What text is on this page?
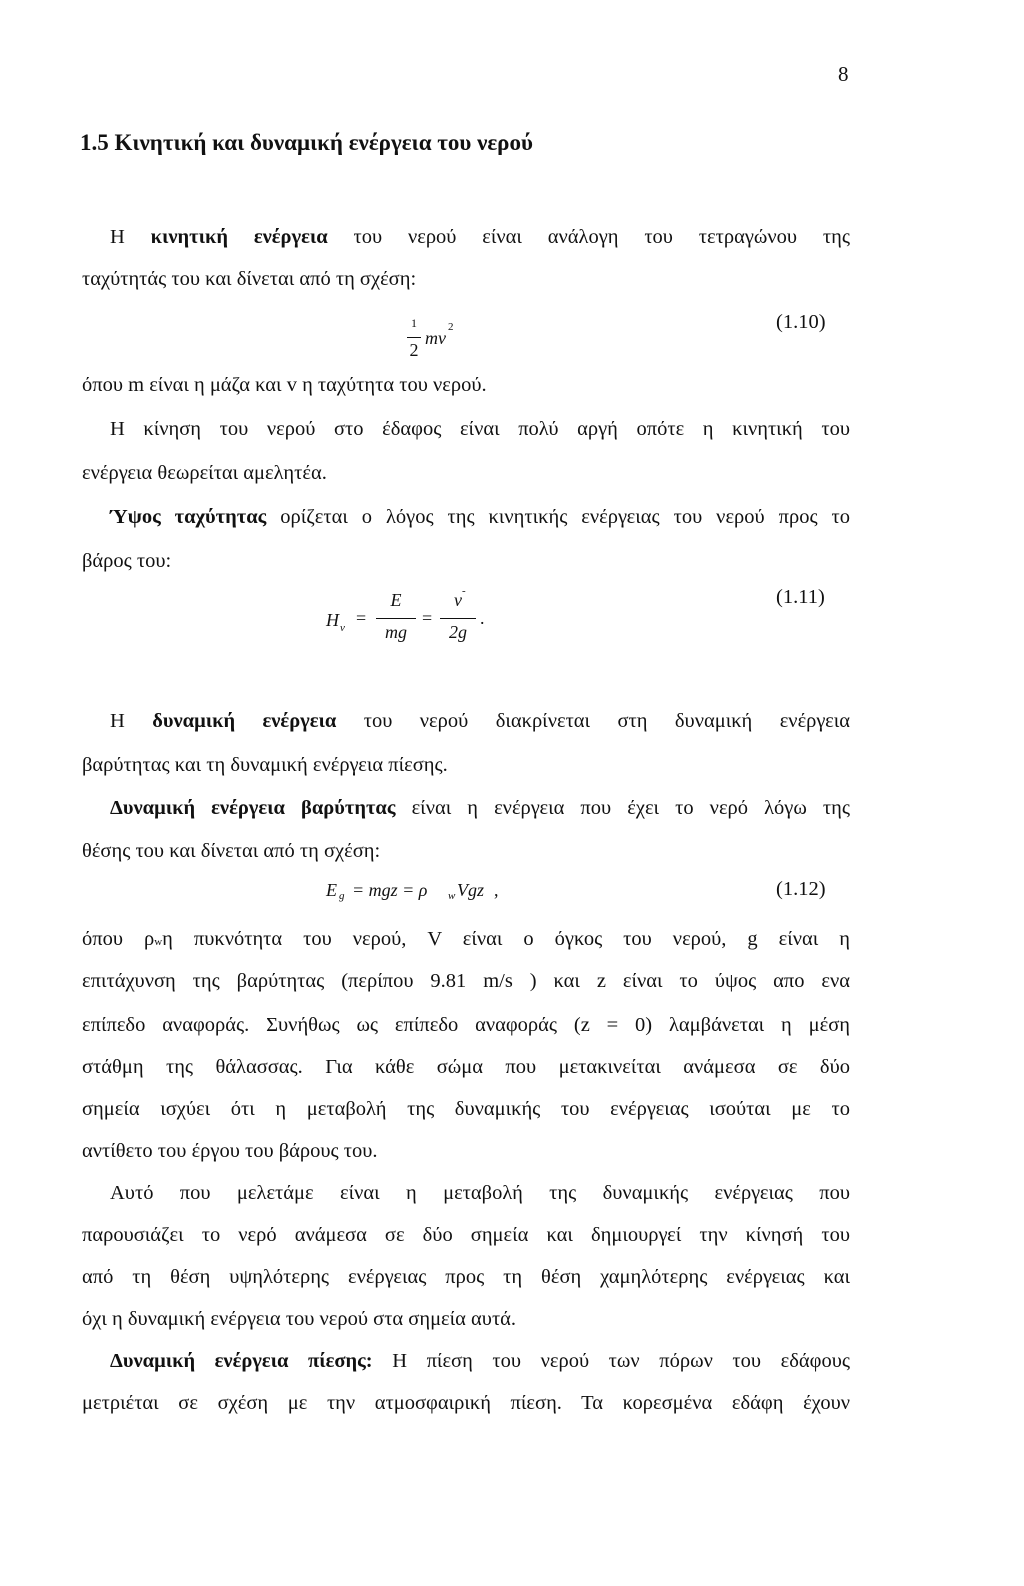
8
1.5 Κινητική και δυναμική ενέργεια του νερού
Η κινητική ενέργεια του νερού είναι ανάλογη του τετραγώνου της
ταχύτητάς του και δίνεται από τη σχέση:
1
2
mv
2	(1.10)
όπου m είναι η μάζα και v η ταχύτητα του νερού.
Η κίνηση του νερού στο έδαφος είναι πολύ αργή οπότε η κινητική του
ενέργεια θεωρείται αμελητέα.
Ύψος ταχύτητας ορίζεται ο λόγος της κινητικής ενέργειας του νερού προς το
βάρος του:
H v =
E
mg
=
v -
2g
.
(1.11)
Η δυναμική ενέργεια του νερού διακρίνεται στη δυναμική ενέργεια
βαρύτητας και τη δυναμική ενέργεια πίεσης.
Δυναμική ενέργεια βαρύτητας είναι η ενέργεια που έχει το νερό λόγω της
θέσης του και δίνεται από τη σχέση:
E g = mgz = ρ w Vgz ,	(1.12)
όπου ρwη πυκνότητα του νερού, V είναι ο όγκος του νερού, g είναι η
επιτάχυνση της βαρύτητας (περίπου 9.81 m/s ) και z είναι το ύψος απο ενα
επίπεδο αναφοράς. Συνήθως ως επίπεδο αναφοράς (z = 0) λαμβάνεται η μέση
στάθμη της θάλασσας. Για κάθε σώμα που μετακινείται ανάμεσα σε δύο
σημεία ισχύει ότι η μεταβολή της δυναμικής του ενέργειας ισούται με το
αντίθετο του έργου του βάρους του.
Αυτό που μελετάμε είναι η μεταβολή της δυναμικής ενέργειας που
παρουσιάζει το νερό ανάμεσα σε δύο σημεία και δημιουργεί την κίνησή του
από τη θέση υψηλότερης ενέργειας προς τη θέση χαμηλότερης ενέργειας και
όχι η δυναμική ενέργεια του νερού στα σημεία αυτά.
Δυναμική ενέργεια πίεσης: Η πίεση του νερού των πόρων του εδάφους
μετριέται σε σχέση με την ατμοσφαιρική πίεση. Τα κορεσμένα εδάφη έχουν
